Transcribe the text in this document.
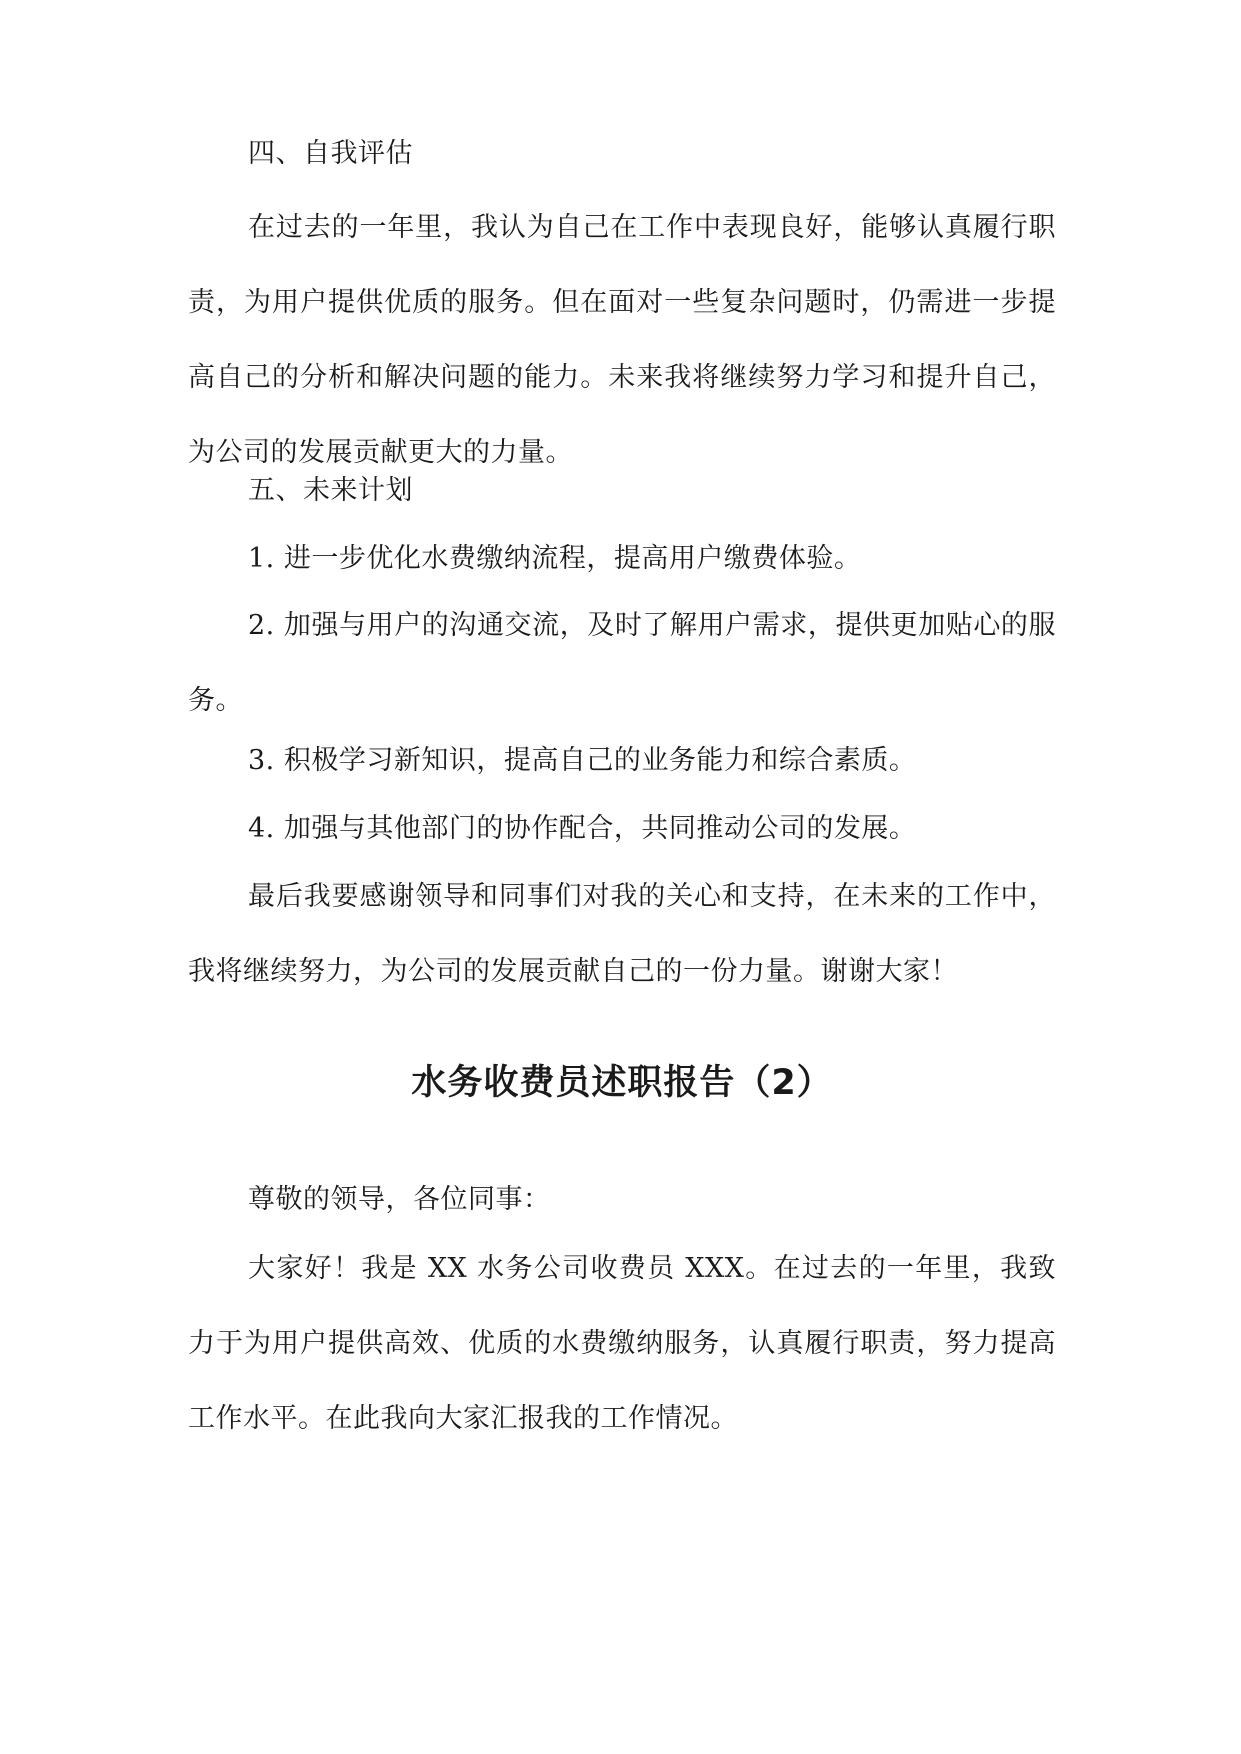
四、自我评估

在过去的一年里，我认为自己在工作中表现良好，能够认真履行职责，为用户提供优质的服务。但在面对一些复杂问题时，仍需进一步提高自己的分析和解决问题的能力。未来我将继续努力学习和提升自己，为公司的发展贡献更大的力量。

五、未来计划

1. 进一步优化水费缴纳流程，提高用户缴费体验。

2. 加强与用户的沟通交流，及时了解用户需求，提供更加贴心的服务。

3. 积极学习新知识，提高自己的业务能力和综合素质。

4. 加强与其他部门的协作配合，共同推动公司的发展。

最后我要感谢领导和同事们对我的关心和支持，在未来的工作中，我将继续努力，为公司的发展贡献自己的一份力量。谢谢大家！

水务收费员述职报告（2）

尊敬的领导，各位同事：

大家好！我是 XX 水务公司收费员 XXX。在过去的一年里，我致力于为用户提供高效、优质的水费缴纳服务，认真履行职责，努力提高工作水平。在此我向大家汇报我的工作情况。
